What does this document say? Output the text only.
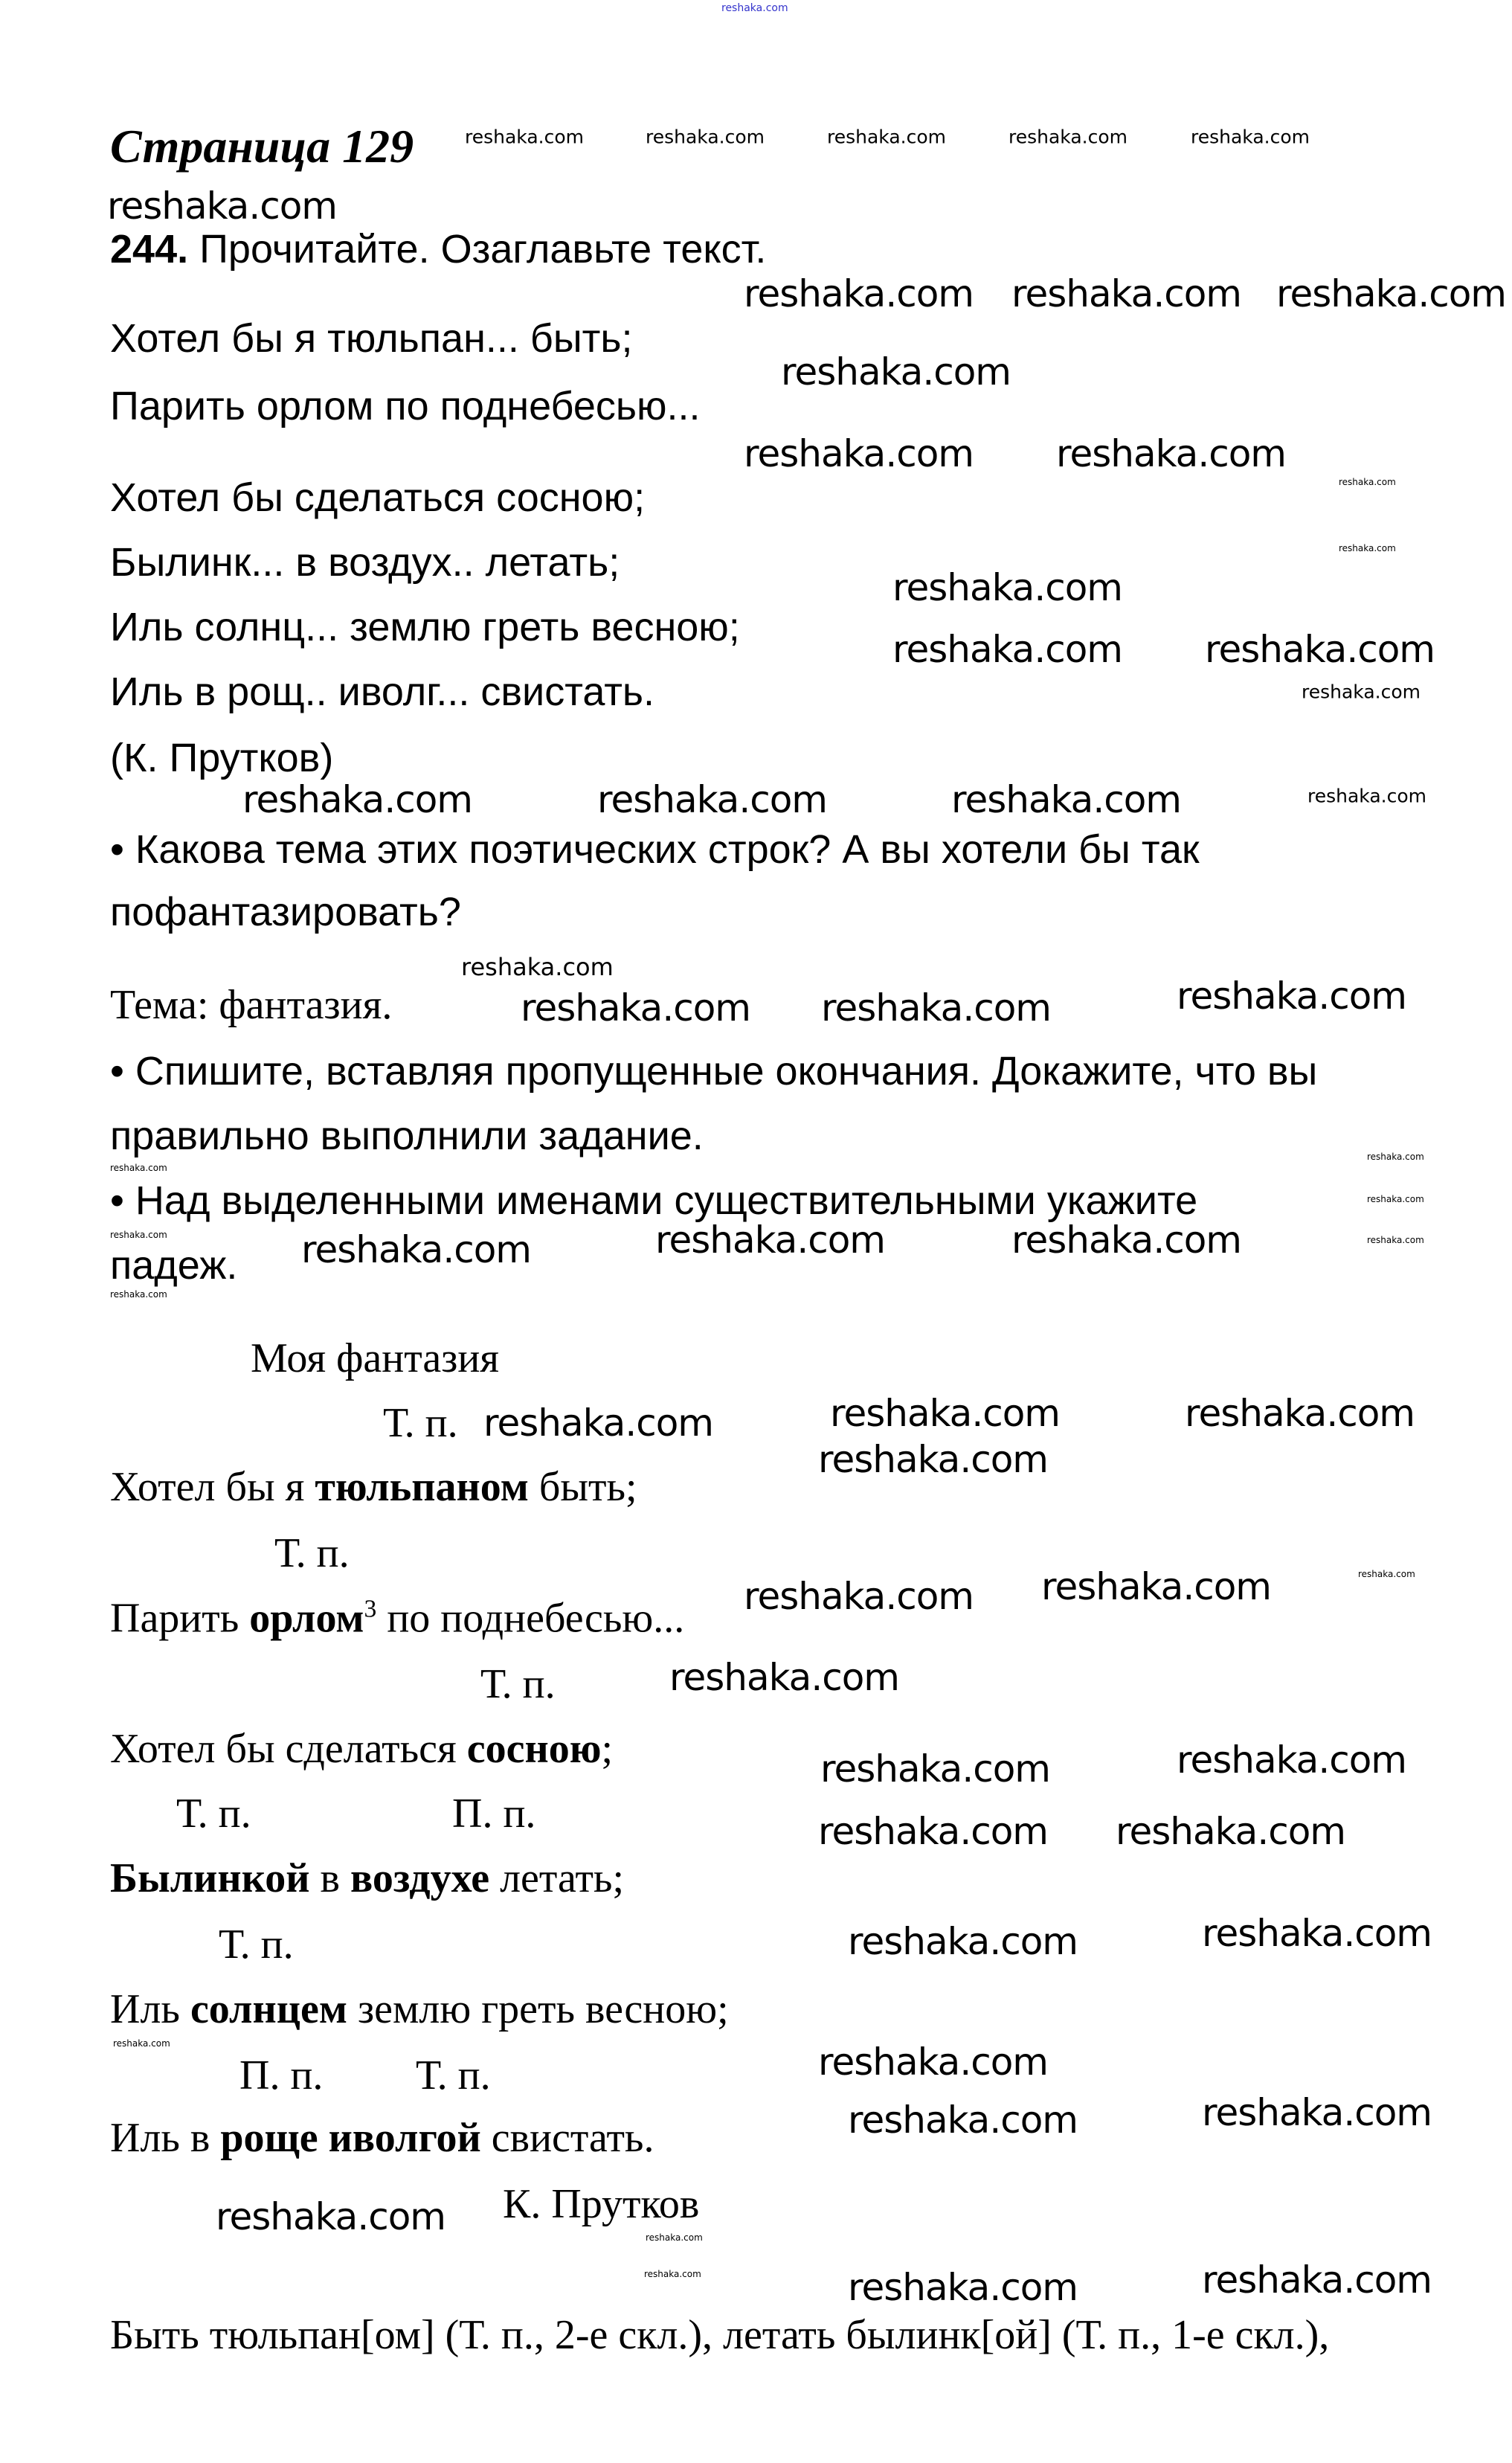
reshaka.com
Страница 129	reshaka.com	reshaka.com	reshaka.com	reshaka.com	reshaka.com
reshaka.com
244. Прочитайте. Озаглавьте текст.
reshaka.com reshaka.com reshaka.com
Хотел бы я тюльпан... быть;
reshaka.com
Парить орлом по поднебесью...
reshaka.com
reshaka.com reshaka.com
Хотел бы сделаться сосною;
reshaka.com
Былинк... в воздух.. летать;
reshaka.com
Иль солнц... землю греть весною;	reshaka.com reshaka.com
reshaka.com
Иль в рощ.. иволг... свистать.
(К. Прутков)
reshaka.com	reshaka.com	reshaka.com	reshaka.com
• Какова тема этих поэтических строк? А вы хотели бы так
пофантазировать?
Тема: фантазия.	reshaka.com
reshaka.com
reshaka.com reshaka.com
• Спишите, вставляя пропущенные окончания. Докажите, что вы
правильно выполнили задание.
reshaka.com
reshaka.com
reshaka.com
reshaka.com
• Над выделенными именами существительными укажите
падеж.
reshaka.com
reshaka.com
reshaka.com	reshaka.com	reshaka.com
Моя фантазия
Т. п. reshaka.com	reshaka.com	reshaka.com
reshaka.com
Хотел бы я тюльпаном быть;
Т. п.
reshaka.com reshaka.com	reshaka.com
Парить орлом$^3$ по поднебесью...
reshaka.com
Т. п.
Хотел бы сделаться сосною;	reshaka.com	reshaka.com
Т. п.	П. п.	reshaka.com reshaka.com
Былинкой в воздухе летать;
Т. п.	reshaka.com	reshaka.com
Иль солнцем землю греть весною;
reshaka.com	reshaka.com
П. п. Т. п.
reshaka.com	reshaka.com
Иль в роще иволгой свистать.
reshaka.com К. Прутков
reshaka.com
reshaka.com	reshaka.com	reshaka.com
Быть тюльпан[ом] (Т. п., 2-е скл.), летать былинк[ой] (Т. п., 1-е скл.),
